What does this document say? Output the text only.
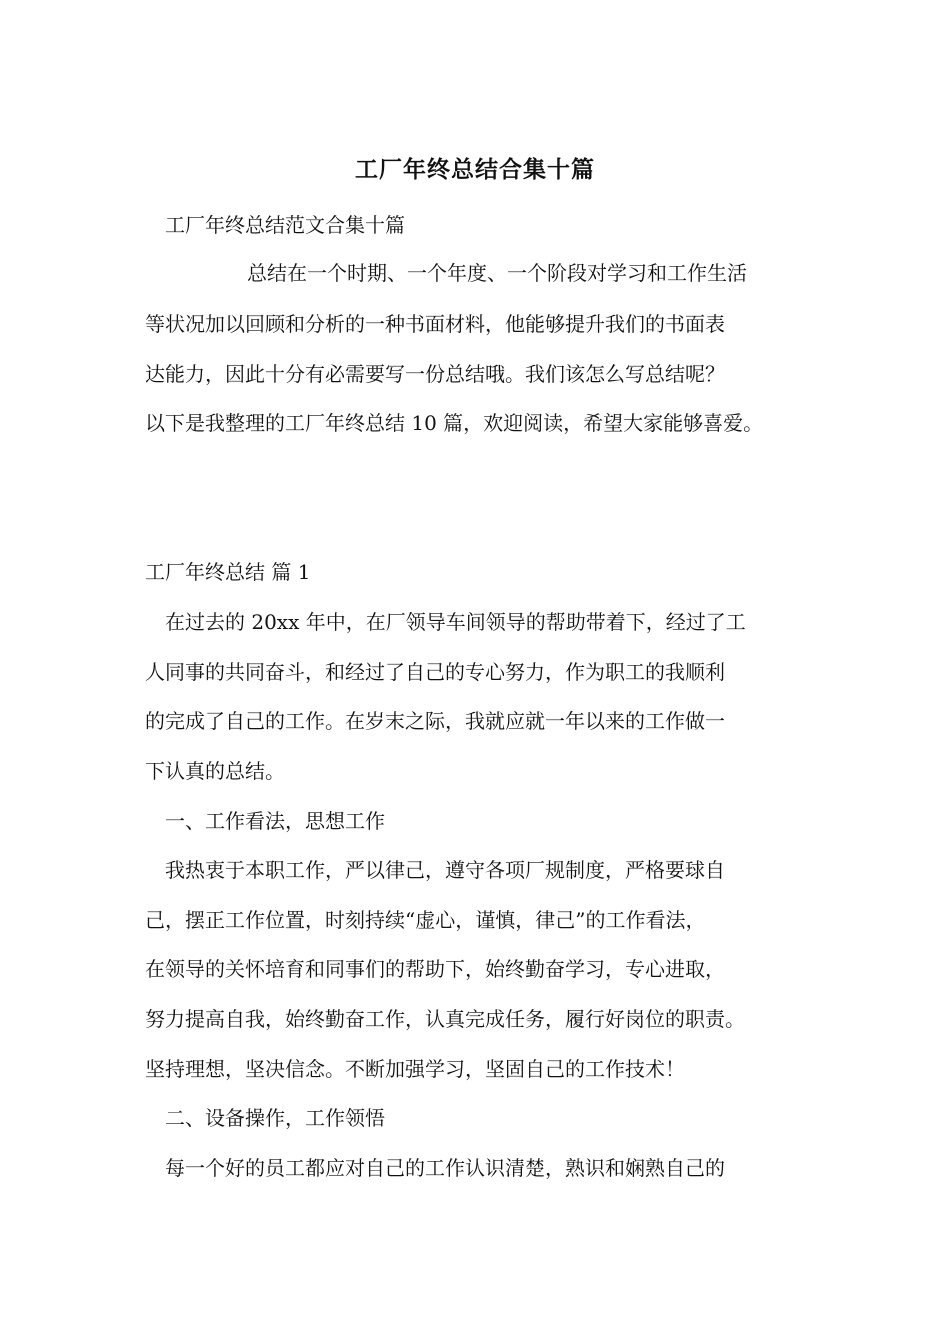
工厂年终总结合集十篇
工厂年终总结范文合集十篇
总结在一个时期、一个年度、一个阶段对学习和工作生活
等状况加以回顾和分析的一种书面材料，他能够提升我们的书面表
达能力，因此十分有必需要写一份总结哦。我们该怎么写总结呢？
以下是我整理的工厂年终总结 10 篇，欢迎阅读，希望大家能够喜爱。
工厂年终总结 篇 1
在过去的 20xx 年中，在厂领导车间领导的帮助带着下，经过了工
人同事的共同奋斗，和经过了自己的专心努力，作为职工的我顺利
的完成了自己的工作。在岁末之际，我就应就一年以来的工作做一
下认真的总结。
一、工作看法，思想工作
我热衷于本职工作，严以律己，遵守各项厂规制度，严格要球自
己，摆正工作位置，时刻持续“虚心，谨慎，律己”的工作看法，
在领导的关怀培育和同事们的帮助下，始终勤奋学习，专心进取，
努力提高自我，始终勤奋工作，认真完成任务，履行好岗位的职责。
坚持理想，坚决信念。不断加强学习，坚固自己的工作技术！
二、设备操作，工作领悟
每一个好的员工都应对自己的工作认识清楚，熟识和娴熟自己的
